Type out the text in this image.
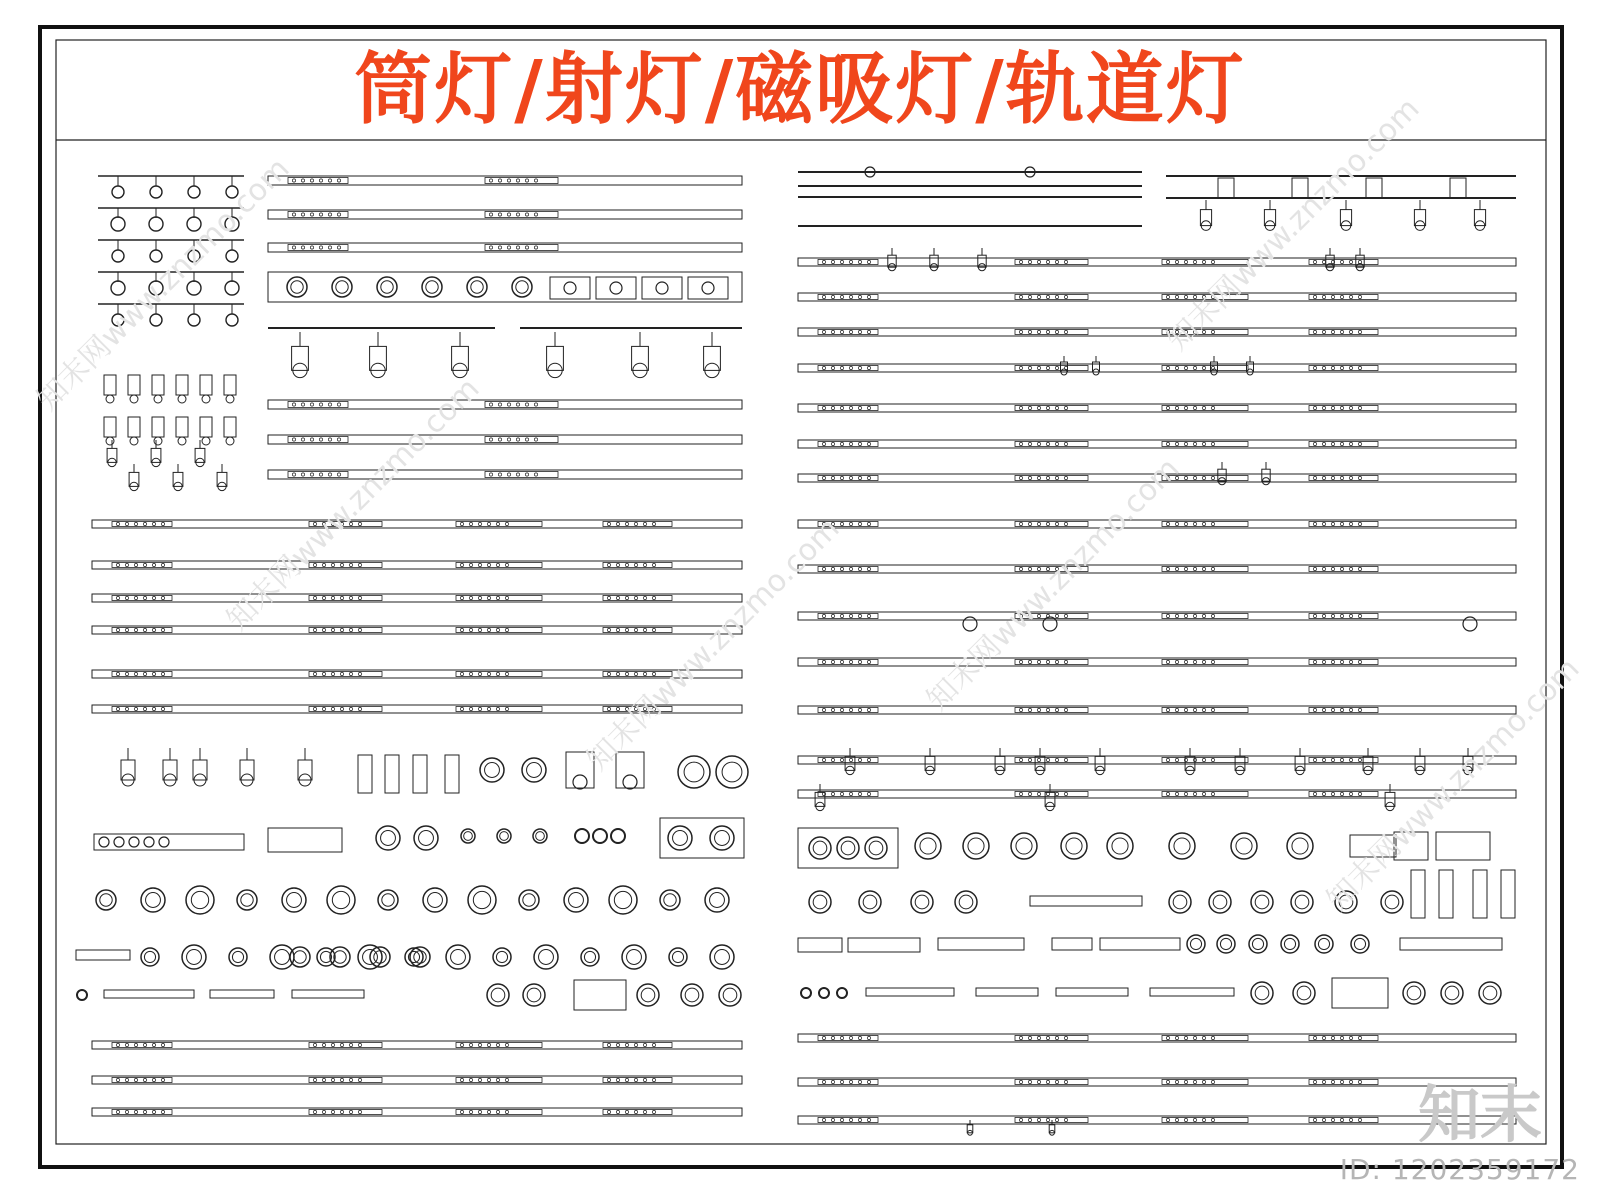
筒灯/射灯/磁吸灯/轨道灯
知末网www.znzmo.com
知末网www.znzmo.com
知末网www.znzmo.com 知末网www.znzmo.com
知末网www.znzmo.com
知末网www.znzmo.com
知末
ID: 1202359172
